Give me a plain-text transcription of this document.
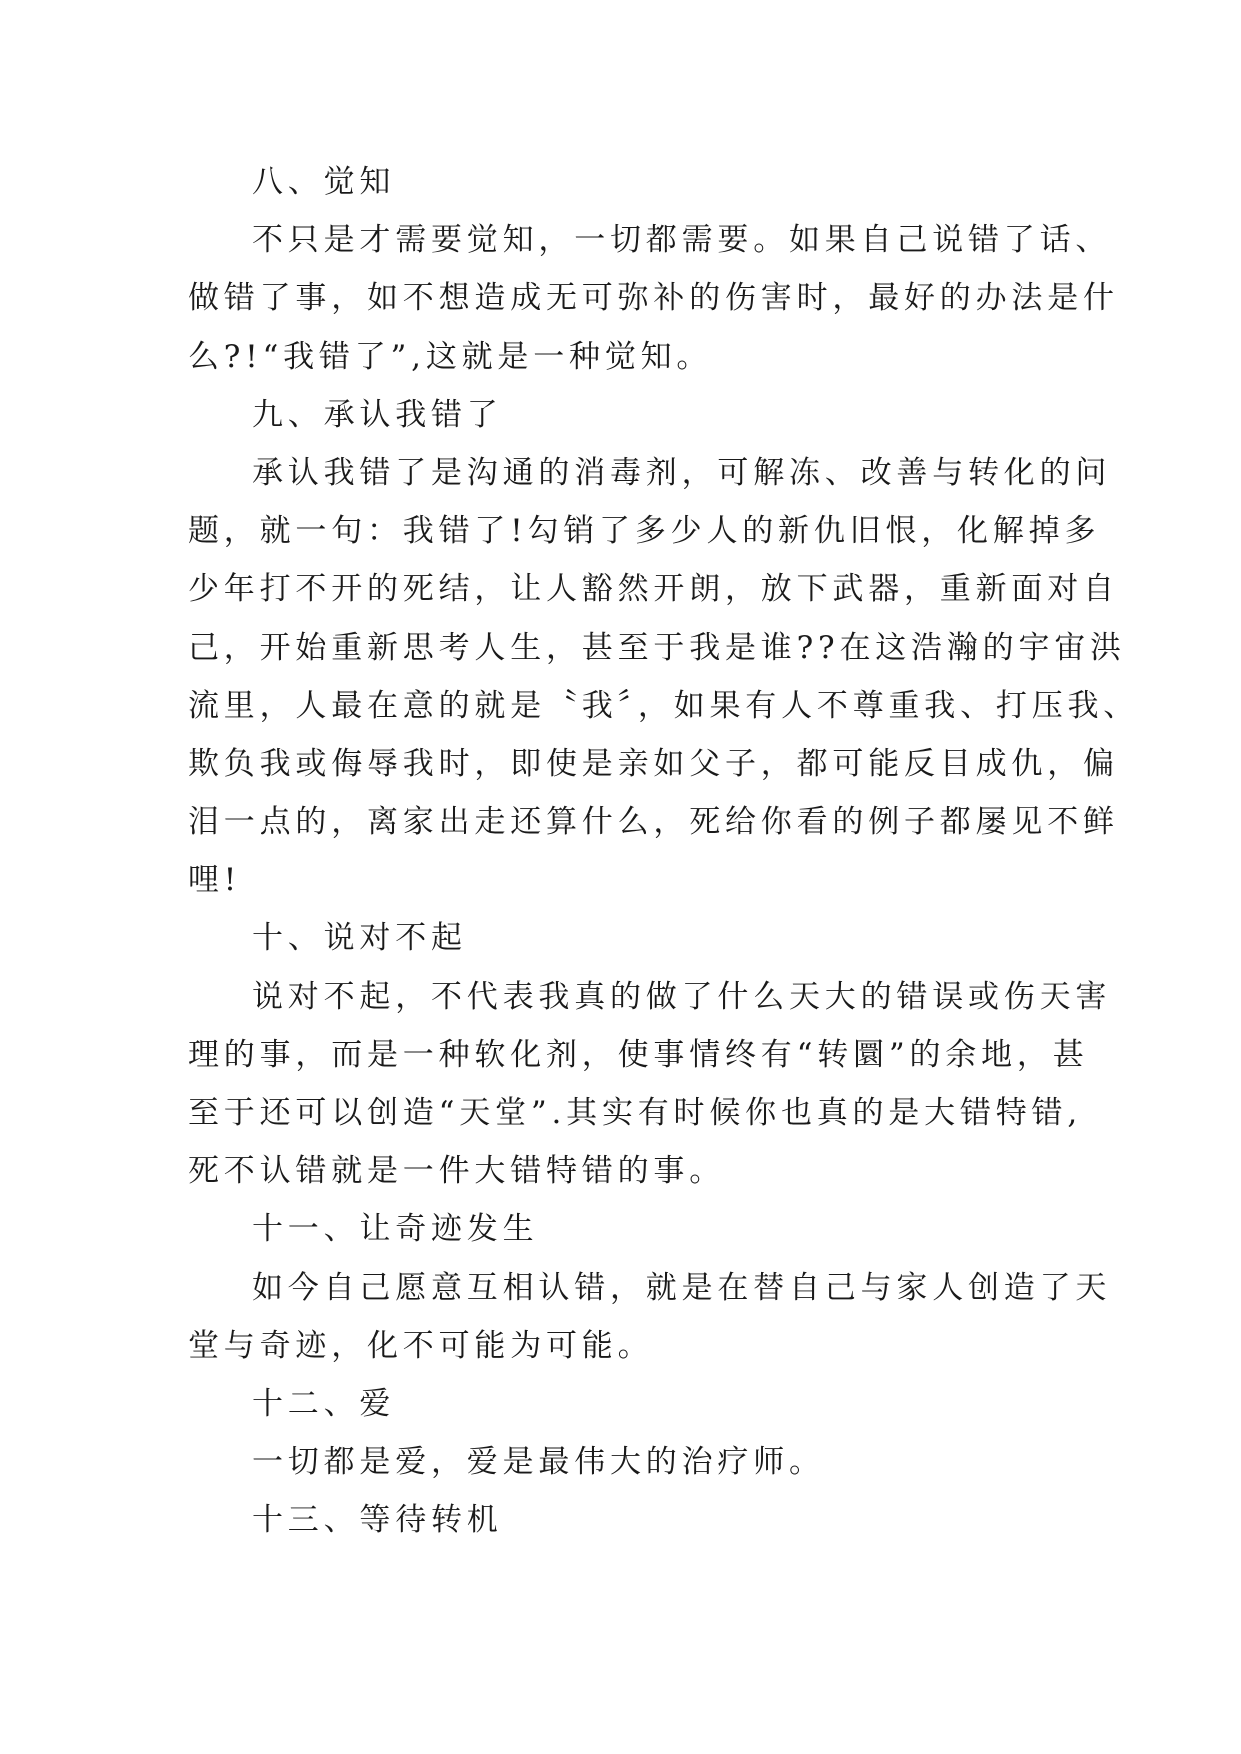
八、觉知
不只是才需要觉知，一切都需要。如果自己说错了话、
做错了事，如不想造成无可弥补的伤害时，最好的办法是什
么?!“我错了”,这就是一种觉知。
九、承认我错了
承认我错了是沟通的消毒剂，可解冻、改善与转化的问
题，就一句：我错了!勾销了多少人的新仇旧恨，化解掉多
少年打不开的死结，让人豁然开朗，放下武器，重新面对自
己，开始重新思考人生，甚至于我是谁??在这浩瀚的宇宙洪
流里，人最在意的就是〝我〞，如果有人不尊重我、打压我、
欺负我或侮辱我时，即使是亲如父子，都可能反目成仇，偏
泪一点的，离家出走还算什么，死给你看的例子都屡见不鲜
哩!
十、说对不起
说对不起，不代表我真的做了什么天大的错误或伤天害
理的事，而是一种软化剂，使事情终有“转圜”的余地，甚
至于还可以创造“天堂”.其实有时候你也真的是大错特错,
死不认错就是一件大错特错的事。
十一、让奇迹发生
如今自己愿意互相认错，就是在替自己与家人创造了天
堂与奇迹，化不可能为可能。
十二、爱
一切都是爱，爱是最伟大的治疗师。
十三、等待转机
